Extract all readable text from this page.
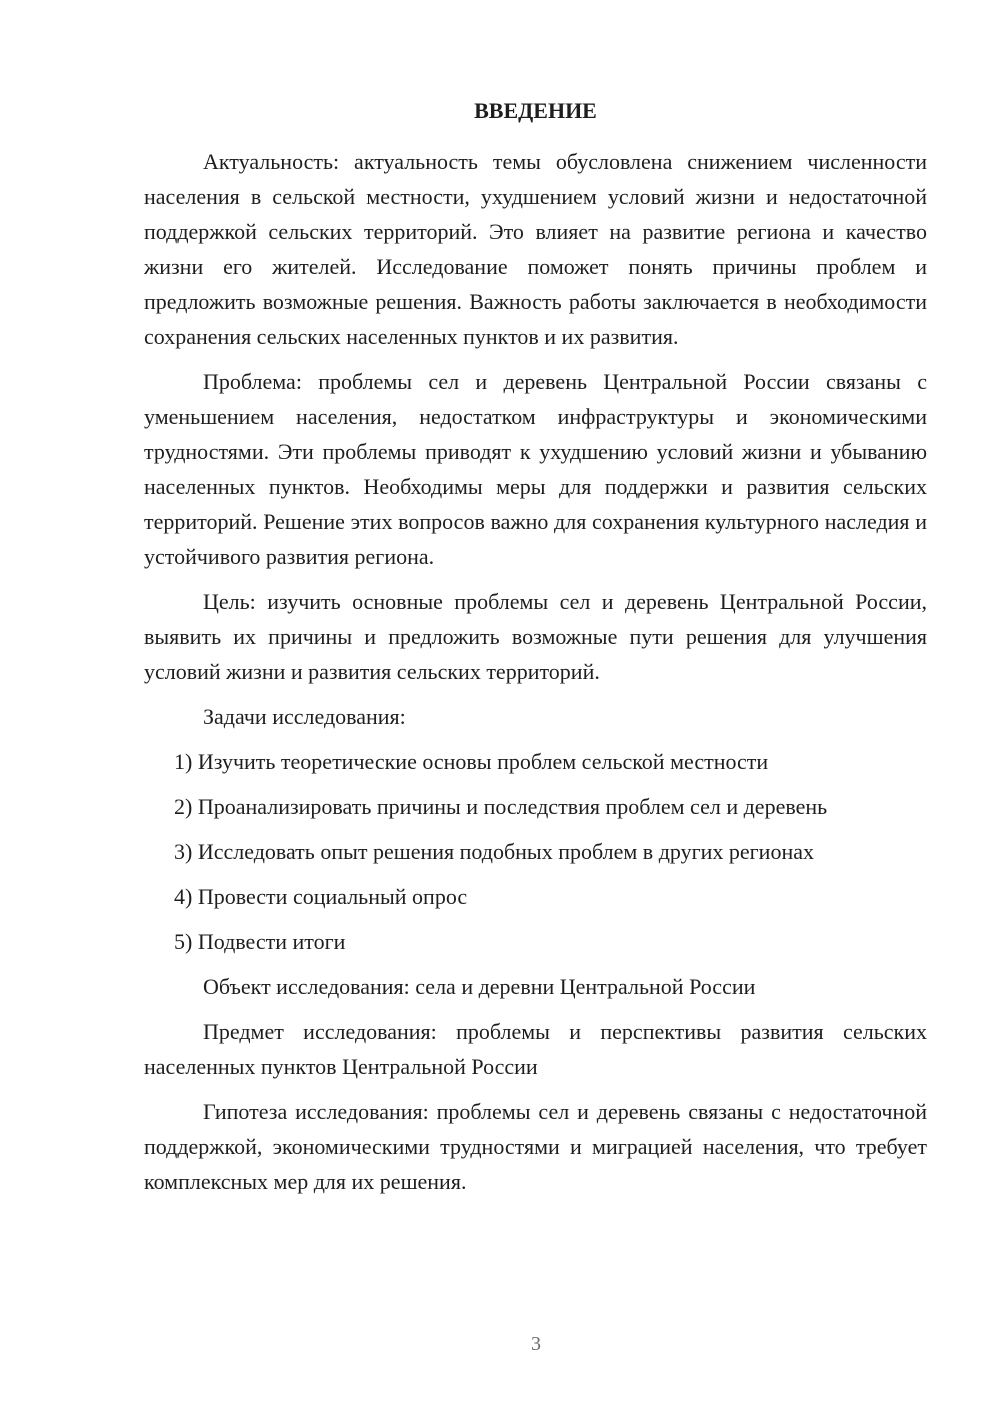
ВВЕДЕНИЕ

Актуальность: актуальность темы обусловлена снижением численности населения в сельской местности, ухудшением условий жизни и недостаточной поддержкой сельских территорий. Это влияет на развитие региона и качество жизни его жителей. Исследование поможет понять причины проблем и предложить возможные решения. Важность работы заключается в необходимости сохранения сельских населенных пунктов и их развития.

Проблема: проблемы сел и деревень Центральной России связаны с уменьшением населения, недостатком инфраструктуры и экономическими трудностями. Эти проблемы приводят к ухудшению условий жизни и убыванию населенных пунктов. Необходимы меры для поддержки и развития сельских территорий. Решение этих вопросов важно для сохранения культурного наследия и устойчивого развития региона.

Цель: изучить основные проблемы сел и деревень Центральной России, выявить их причины и предложить возможные пути решения для улучшения условий жизни и развития сельских территорий.

Задачи исследования:

1) Изучить теоретические основы проблем сельской местности
2) Проанализировать причины и последствия проблем сел и деревень
3) Исследовать опыт решения подобных проблем в других регионах
4) Провести социальный опрос
5) Подвести итоги

Объект исследования: села и деревни Центральной России

Предмет исследования: проблемы и перспективы развития сельских населенных пунктов Центральной России

Гипотеза исследования: проблемы сел и деревень связаны с недостаточной поддержкой, экономическими трудностями и миграцией населения, что требует комплексных мер для их решения.

3
